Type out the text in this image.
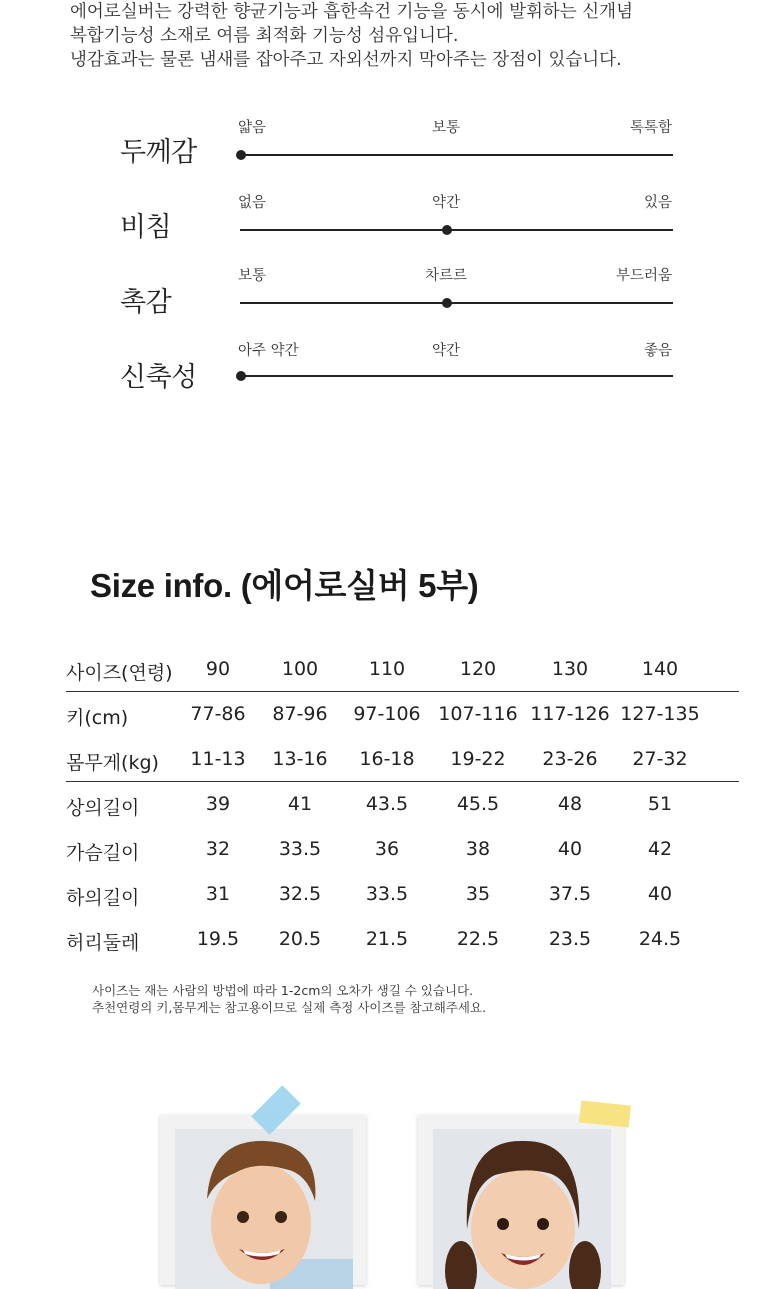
에어로실버는 강력한 향균기능과 흡한속건 기능을 동시에 발휘하는 신개념
복합기능성 소재로 여름 최적화 기능성 섬유입니다.
냉감효과는 물론 냄새를 잡아주고 자외선까지 막아주는 장점이 있습니다.
두께감
얇음	보통	톡톡함
비침
없음	약간	있음
촉감
보통	차르르	부드러움
신축성
아주 약간	약간	좋음
Size info. (에어로실버 5부)
사이즈(연령) 90	100	110	120	130	140
키(cm)	77-86 87-96 97-106 107-116 117-126 127-135
몸무게(kg) 11-13 13-16 16-18 19-22 23-26 27-32
상의길이	39	41	43.5	45.5	48	51
가슴길이	32	33.5	36	38	40	42
하의길이	31	32.5 33.5	35	37.5	40
허리둘레	19.5 20.5 21.5	22.5	23.5	24.5
사이즈는 재는 사람의 방법에 따라 1-2cm의 오차가 생길 수 있습니다.
추천연령의 키,몸무게는 참고용이므로 실제 측정 사이즈를 참고해주세요.
